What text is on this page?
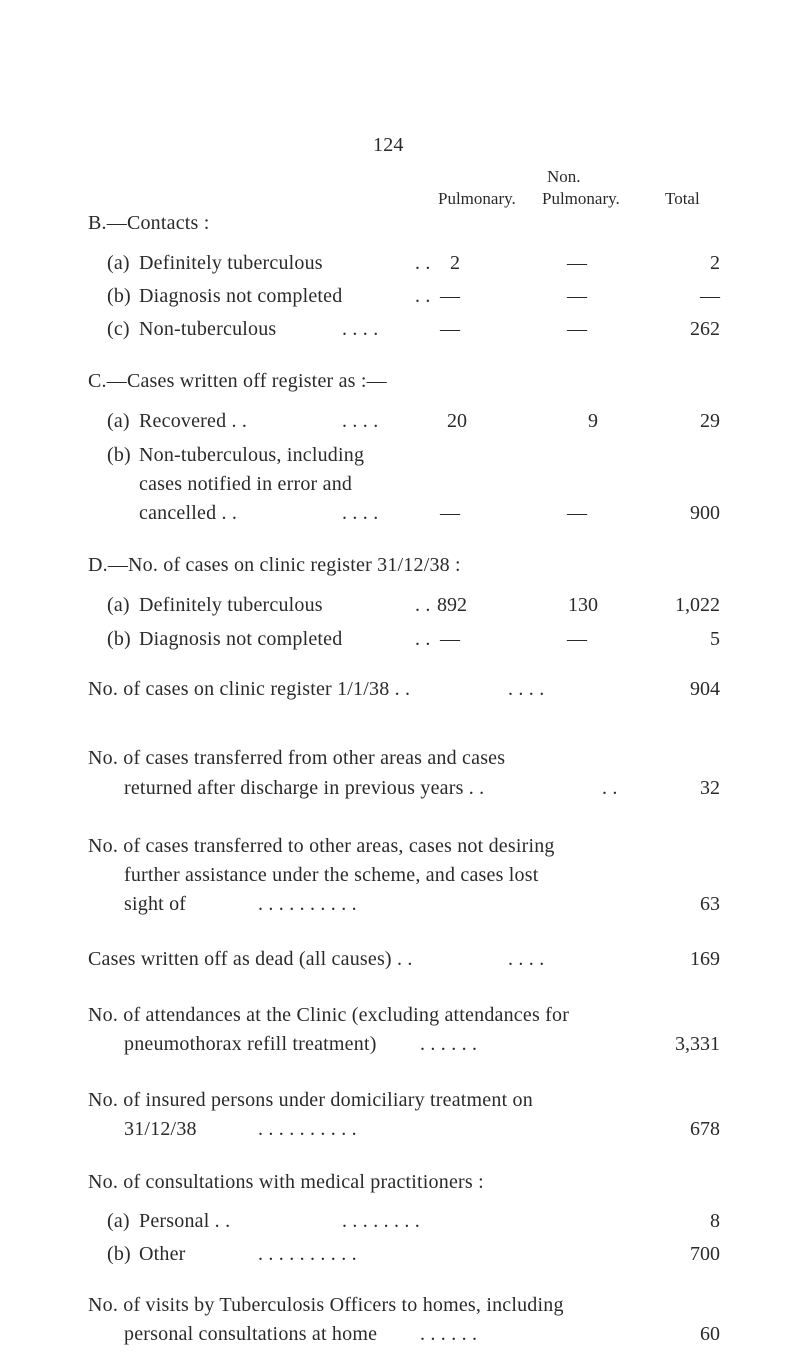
124
Non.
Pulmonary. Pulmonary.	Total
B.—Contacts :
(a) Definitely tuberculous	. . 2	—	2
(b) Diagnosis not completed	. . —	—	—
(c) Non-tuberculous	. . . .	—	—	262
C.—Cases written off register as :—
(a) Recovered . .	. . . .	20	9	29
(b) Non-tuberculous, including
cases notified in error and
cancelled . .	. . . .	—	—	900
D.—No. of cases on clinic register 31/12/38 :
(a) Definitely tuberculous	. . 892	130	1,022
(b) Diagnosis not completed	. . —	—	5
No. of cases on clinic register 1/1/38 . .	. . . .	904
No. of cases transferred from other areas and cases
returned after discharge in previous years . .	. .	32
No. of cases transferred to other areas, cases not desiring
further assistance under the scheme, and cases lost
sight of	. . . . . . . . . .	63
Cases written off as dead (all causes) . .	. . . .	169
No. of attendances at the Clinic (excluding attendances for
pneumothorax refill treatment) . . . . . .	3,331
No. of insured persons under domiciliary treatment on
31/12/38	. . . . . . . . . .	678
No. of consultations with medical practitioners :
(a) Personal . .	. . . . . . . .	8
(b) Other	. . . . . . . . . .	700
No. of visits by Tuberculosis Officers to homes, including
personal consultations at home . . . . . .	60
